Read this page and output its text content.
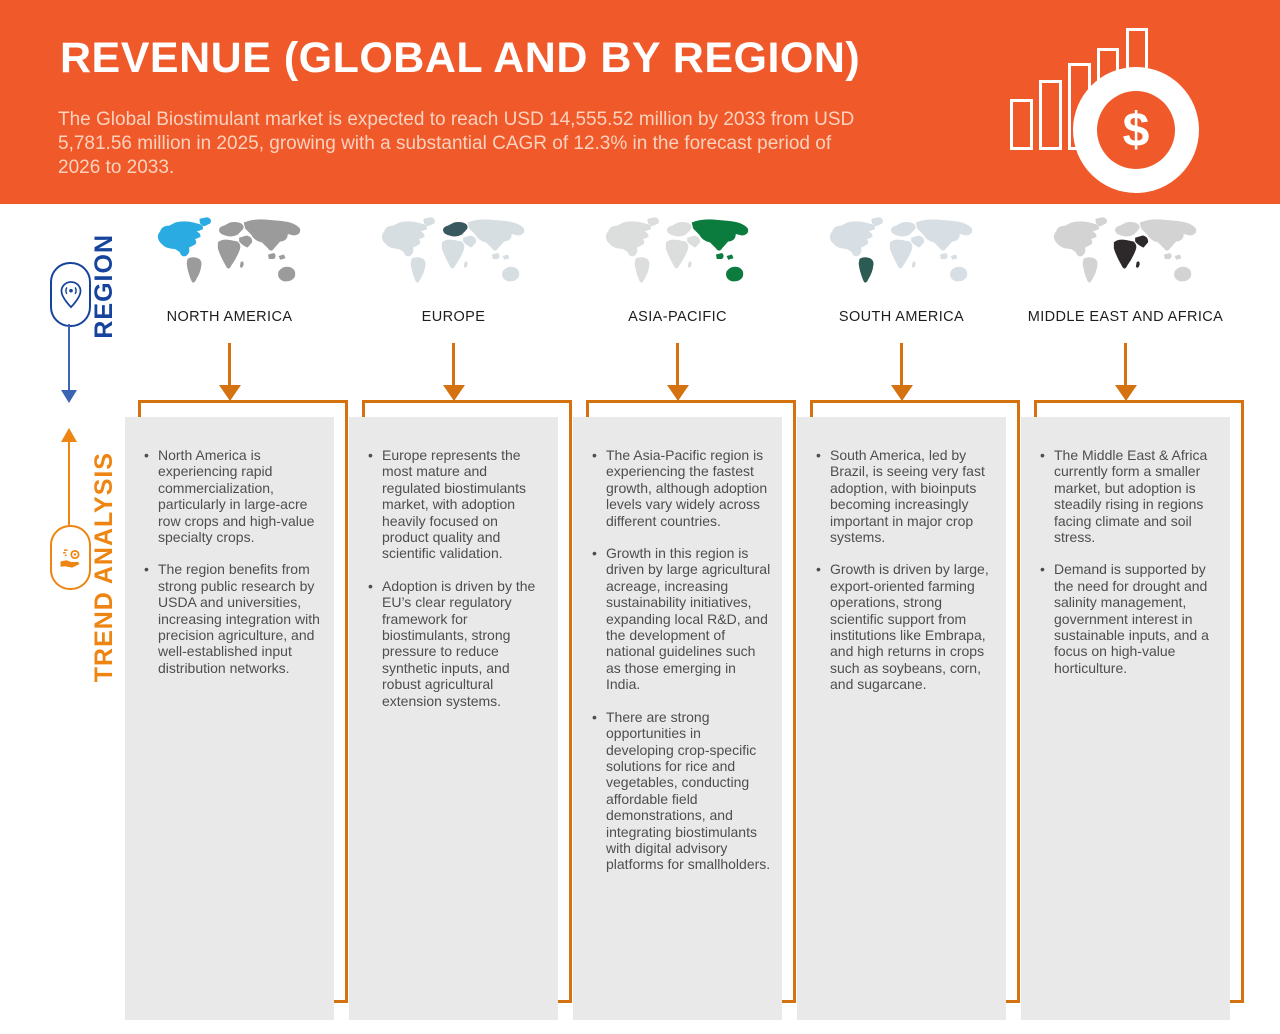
REVENUE (GLOBAL AND BY REGION)
The Global Biostimulant market is expected to reach USD 14,555.52 million by 2033 from USD 5,781.56 million in 2025, growing with a substantial CAGR of 12.3% in the forecast period of 2026 to 2033.
$
REGION
TREND ANALYSIS
NORTH AMERICA	EUROPE	ASIA-PACIFIC	SOUTH AMERICA	MIDDLE EAST AND AFRICA
• North America is experiencing rapid commercialization, particularly in large-acre row crops and high-value specialty crops.
• The region benefits from strong public research by USDA and universities, increasing integration with precision agriculture, and well-established input distribution networks.
• Europe represents the most mature and regulated biostimulants market, with adoption heavily focused on product quality and scientific validation.
• Adoption is driven by the EU’s clear regulatory framework for biostimulants, strong pressure to reduce synthetic inputs, and robust agricultural extension systems.
• The Asia-Pacific region is experiencing the fastest growth, although adoption levels vary widely across different countries.
• Growth in this region is driven by large agricultural acreage, increasing sustainability initiatives, expanding local R&D, and the development of national guidelines such as those emerging in India.
• There are strong opportunities in developing crop-specific solutions for rice and vegetables, conducting affordable field demonstrations, and integrating biostimulants with digital advisory platforms for smallholders.
• South America, led by Brazil, is seeing very fast adoption, with bioinputs becoming increasingly important in major crop systems.
• Growth is driven by large, export-oriented farming operations, strong scientific support from institutions like Embrapa, and high returns in crops such as soybeans, corn, and sugarcane.
• The Middle East & Africa currently form a smaller market, but adoption is steadily rising in regions facing climate and soil stress.
• Demand is supported by the need for drought and salinity management, government interest in sustainable inputs, and a focus on high-value horticulture.
